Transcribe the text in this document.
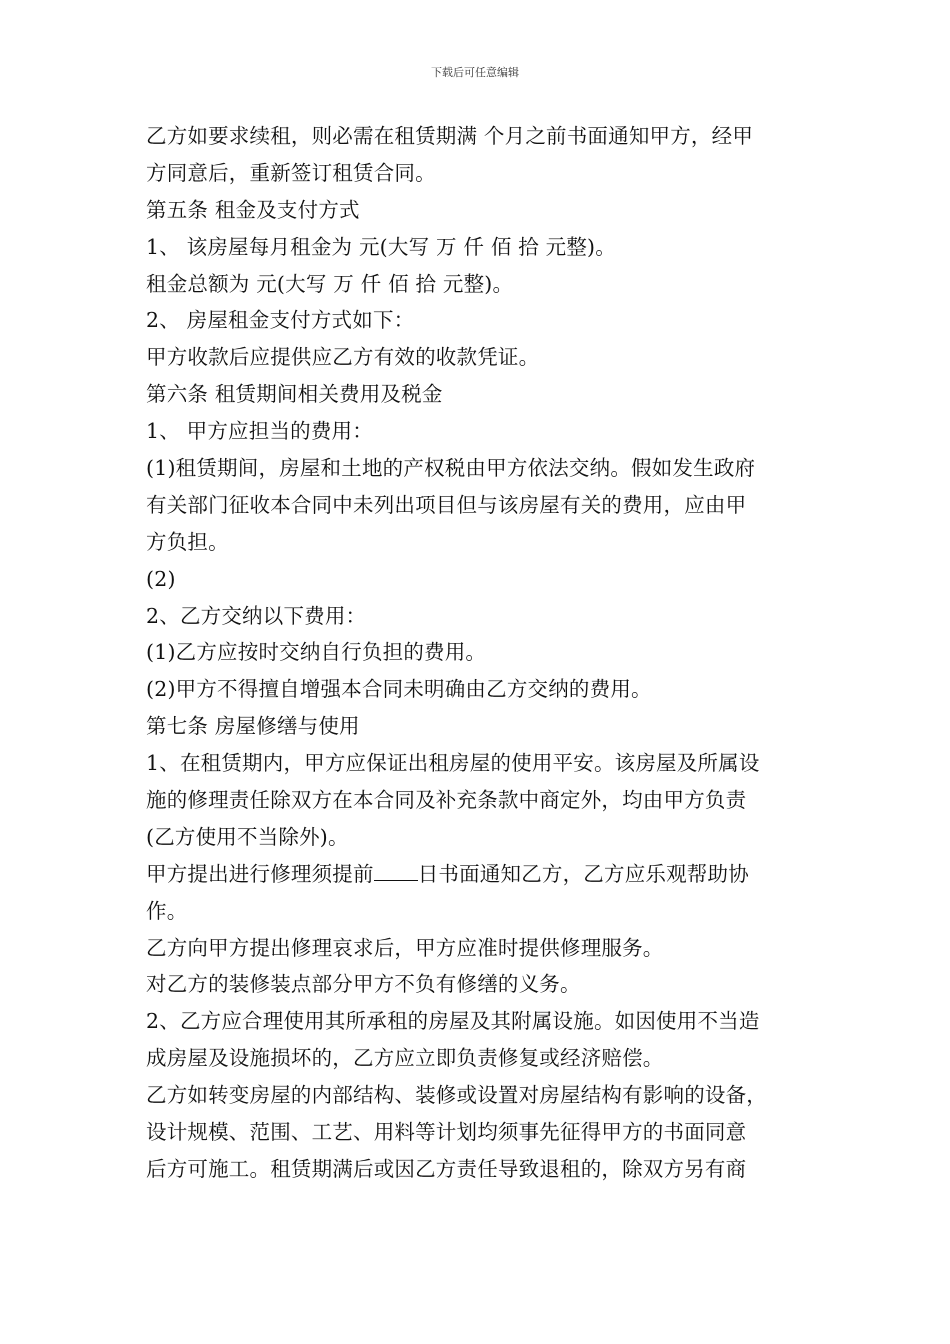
下载后可任意编辑
乙方如要求续租，则必需在租赁期满 个月之前书面通知甲方，经甲
方同意后，重新签订租赁合同。
第五条 租金及支付方式
1、 该房屋每月租金为 元(大写 万 仟 佰 拾 元整)。
租金总额为 元(大写 万 仟 佰 拾 元整)。
2、 房屋租金支付方式如下：
甲方收款后应提供应乙方有效的收款凭证。
第六条 租赁期间相关费用及税金
1、 甲方应担当的费用：
(1)租赁期间，房屋和土地的产权税由甲方依法交纳。假如发生政府
有关部门征收本合同中未列出项目但与该房屋有关的费用，应由甲
方负担。
(2)
2、乙方交纳以下费用：
(1)乙方应按时交纳自行负担的费用。
(2)甲方不得擅自增强本合同未明确由乙方交纳的费用。
第七条 房屋修缮与使用
1、在租赁期内，甲方应保证出租房屋的使用平安。该房屋及所属设
施的修理责任除双方在本合同及补充条款中商定外，均由甲方负责
(乙方使用不当除外)。
甲方提出进行修理须提前 日书面通知乙方，乙方应乐观帮助协
作。
乙方向甲方提出修理哀求后，甲方应准时提供修理服务。
对乙方的装修装点部分甲方不负有修缮的义务。
2、乙方应合理使用其所承租的房屋及其附属设施。如因使用不当造
成房屋及设施损坏的，乙方应立即负责修复或经济赔偿。
乙方如转变房屋的内部结构、装修或设置对房屋结构有影响的设备，
设计规模、范围、工艺、用料等计划均须事先征得甲方的书面同意
后方可施工。租赁期满后或因乙方责任导致退租的，除双方另有商
